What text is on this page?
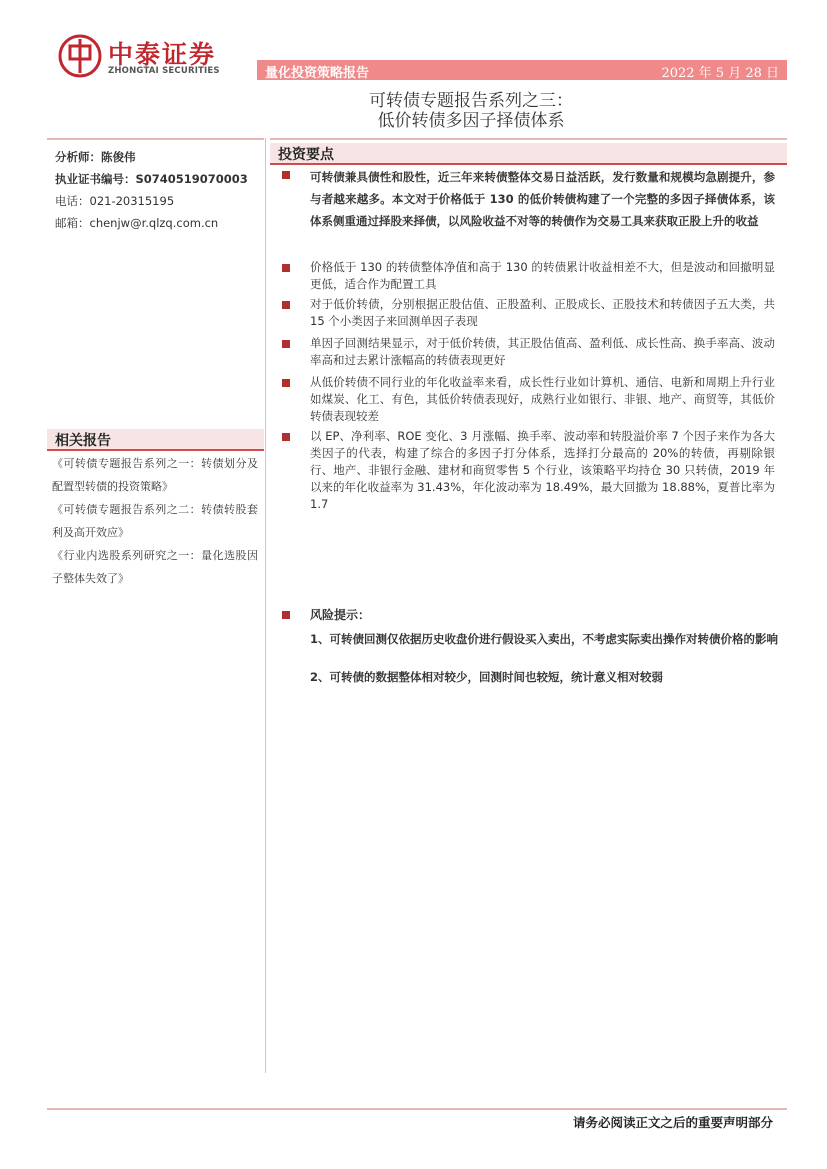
中泰证券
ZHONGTAI SECURITIES	量化投资策略报告	2022 年 5 月 28 日
可转债专题报告系列之三：
低价转债多因子择债体系
分析师：陈俊伟
执业证书编号：S0740519070003
电话：021-20315195
邮箱：chenjw@r.qlzq.com.cn
投资要点
可转债兼具债性和股性，近三年来转债整体交易日益活跃，发行数量和规模均急剧提升，参与者越来越多。本文对于价格低于 130 的低价转债构建了一个完整的多因子择债体系，该体系侧重通过择股来择债，以风险收益不对等的转债作为交易工具来获取正股上升的收益
价格低于 130 的转债整体净值和高于 130 的转债累计收益相差不大，但是波动和回撤明显更低，适合作为配置工具
对于低价转债，分别根据正股估值、正股盈利、正股成长、正股技术和转债因子五大类，共 15 个小类因子来回测单因子表现
单因子回测结果显示，对于低价转债，其正股估值高、盈利低、成长性高、换手率高、波动率高和过去累计涨幅高的转债表现更好
从低价转债不同行业的年化收益率来看，成长性行业如计算机、通信、电新和周期上升行业如煤炭、化工、有色，其低价转债表现好，成熟行业如银行、非银、地产、商贸等，其低价转债表现较差
以 EP、净利率、ROE 变化、3 月涨幅、换手率、波动率和转股溢价率 7 个因子来作为各大类因子的代表，构建了综合的多因子打分体系，选择打分最高的 20%的转债，再剔除银行、地产、非银行金融、建材和商贸零售 5 个行业，该策略平均持仓 30 只转债，2019 年以来的年化收益率为 31.43%，年化波动率为 18.49%，最大回撤为 18.88%，夏普比率为 1.7
风险提示：
1、可转债回测仅依据历史收盘价进行假设买入卖出，不考虑实际卖出操作对转债价格的影响
2、可转债的数据整体相对较少，回测时间也较短，统计意义相对较弱
相关报告
《可转债专题报告系列之一：转债划分及配置型转债的投资策略》
《可转债专题报告系列之二：转债转股套利及高开效应》
《行业内选股系列研究之一：量化选股因子整体失效了》
请务必阅读正文之后的重要声明部分
